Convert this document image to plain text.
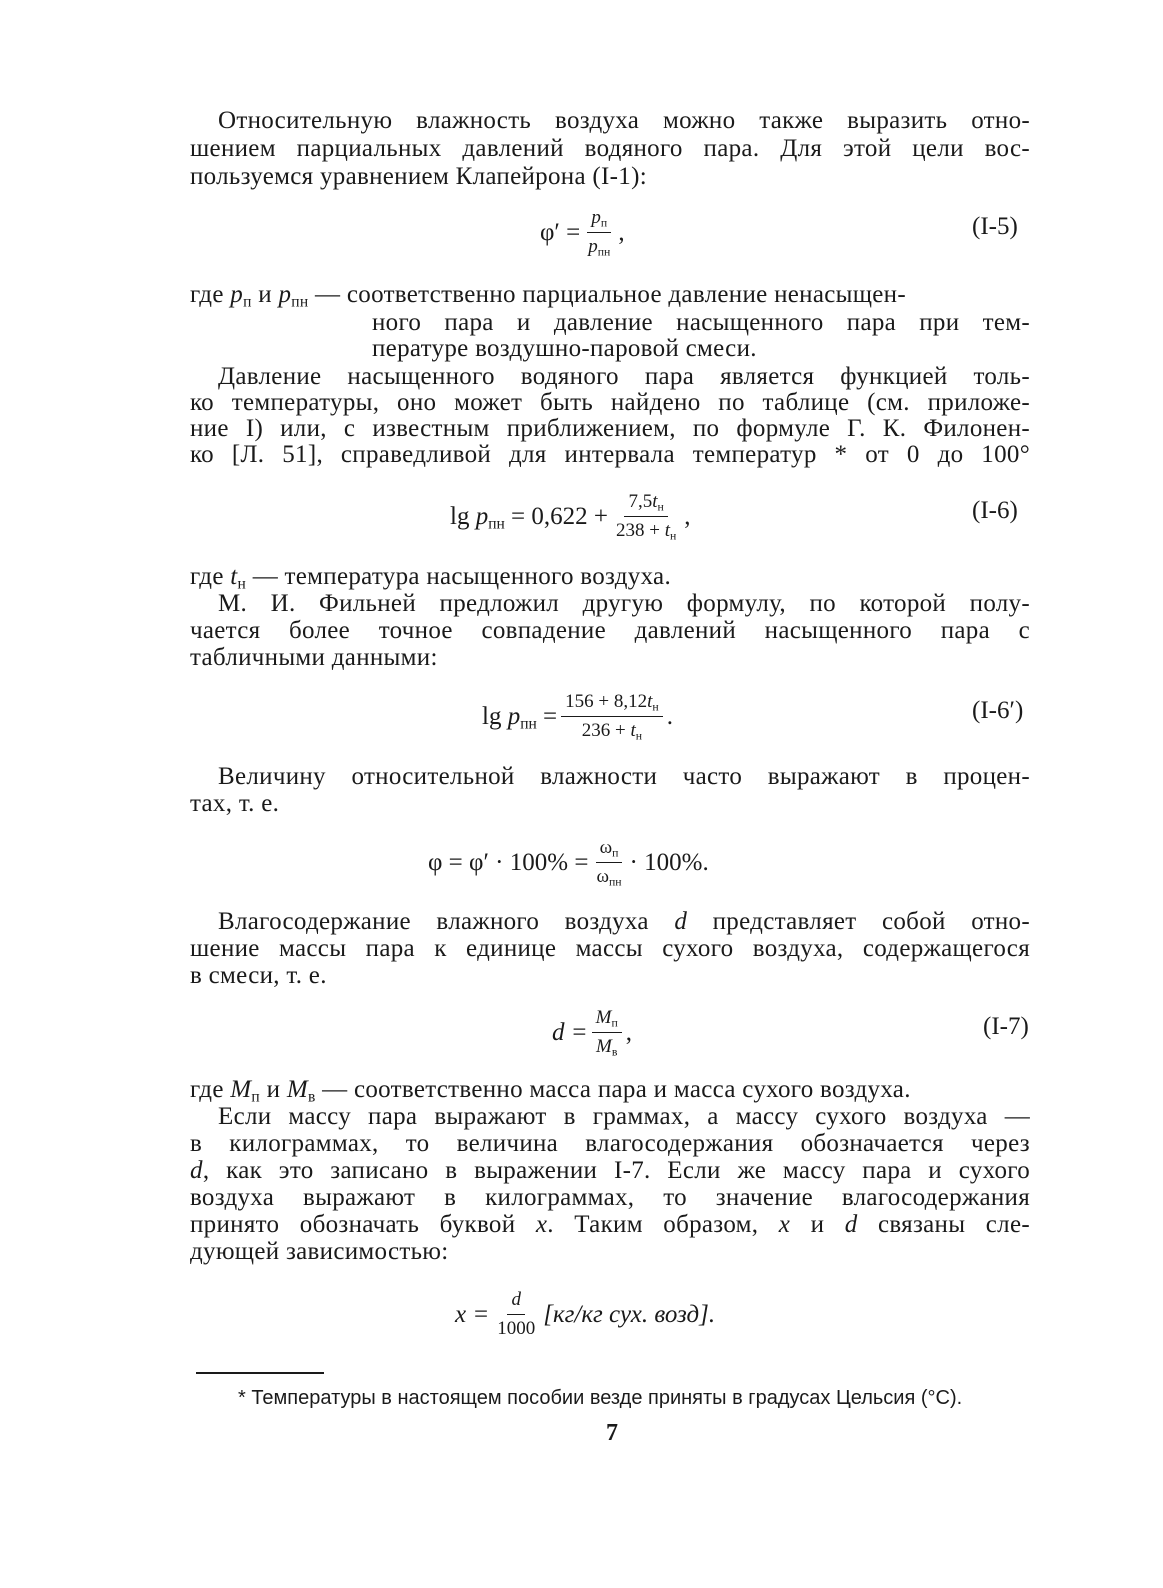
Относительную влажность воздуха можно также выразить отно-
шением парциальных давлений водяного пара. Для этой цели вос-
пользуемся уравнением Клапейрона (I-1):
$\varphi' = \frac{p_п}{p_{пн}}$ ,	(I-5)
где $p_п$ и $p_{пн}$ — соответственно парциальное давление ненасыщен-
ного пара и давление насыщенного пара при тем-
пературе воздушно-паровой смеси.
Давление насыщенного водяного пара является функцией толь-
ко температуры, оно может быть найдено по таблице (см. приложе-
ние I) или, с известным приближением, по формуле Г. К. Филонен-
ко [Л. 51], справедливой для интервала температур * от 0 до 100°
$\lg p_{пн} = 0,622 + \frac{7,5t_н}{238 + t_н}$ ,	(I-6)
где $t_н$ — температура насыщенного воздуха.
М. И. Фильней предложил другую формулу, по которой полу-
чается более точное совпадение давлений насыщенного пара с
табличными данными:
$\lg p_{пн} = \frac{156 + 8,12t_н}{236 + t_н}$ .	(I-6′)
Величину относительной влажности часто выражают в процен-
тах, т. е.
$\varphi = \varphi' \cdot 100\% = \frac{\omega_п}{\omega_{пн}} \cdot 100\%$.
Влагосодержание влажного воздуха d представляет собой отно-
шение массы пара к единице массы сухого воздуха, содержащегося
в смеси, т. е.
$d = \frac{M_п}{M_в}$ ,	(I-7)
где $M_п$ и $M_в$ — соответственно масса пара и масса сухого воздуха.
Если массу пара выражают в граммах, а массу сухого воздуха —
в килограммах, то величина влагосодержания обозначается через
d, как это записано в выражении I-7. Если же массу пара и сухого
воздуха выражают в килограммах, то значение влагосодержания
принято обозначать буквой x. Таким образом, x и d связаны сле-
дующей зависимостью:
$x = \frac{d}{1000} [кг/кг$ сух. возд].
* Температуры в настоящем пособии везде приняты в градусах Цельсия (°С).
7
